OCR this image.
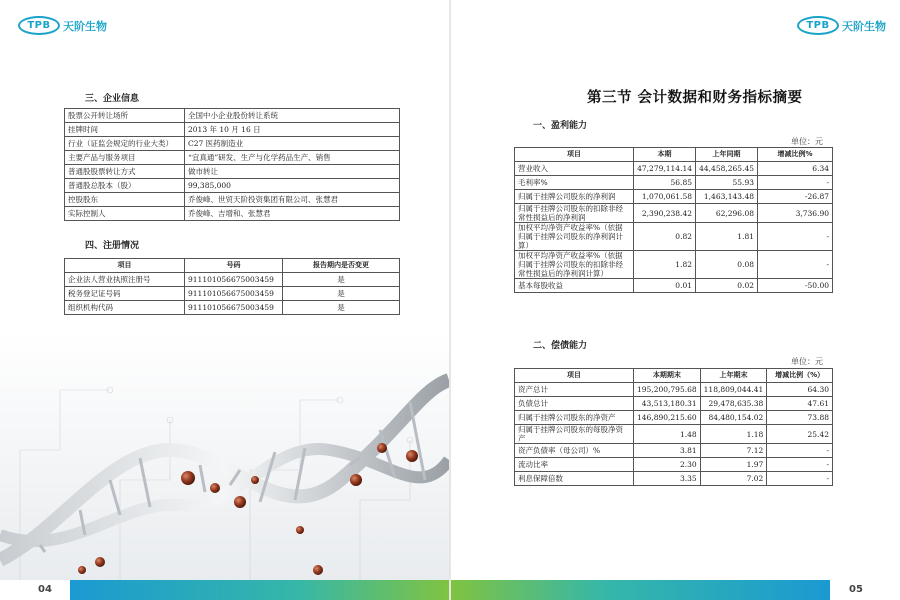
TPB	天阶生物
三、企业信息
股票公开转让场所	全国中小企业股份转让系统
挂牌时间	2013 年 10 月 16 日
行业（证监会规定的行业大类）	C27 医药制造业
主要产品与服务项目	“宜真通”研发、生产与化学药品生产、销售
普通股股票转让方式	做市转让
普通股总股本（股）	99,385,000
控股股东	乔俊峰、世贸天阶投资集团有限公司、张慧君
实际控制人	乔俊峰、吉增和、张慧君
四、注册情况
项目	号码	报告期内是否变更
企业法人营业执照注册号	911101056675003459	是
税务登记证号码	911101056675003459	是
组织机构代码	911101056675003459	是
04
TPB	天阶生物
第三节 会计数据和财务指标摘要
一、盈利能力
单位：元
项目	本期	上年同期	增减比例%
营业收入	47,279,114.14	44,458,265.45	6.34
毛利率%	56.85	55.93	-
归属于挂牌公司股东的净利润	1,070,061.58	1,463,143.48	-26.87
归属于挂牌公司股东的扣除非经常性损益后的净利润	2,390,238.42	62,296.08	3,736.90
加权平均净资产收益率%（依据归属于挂牌公司股东的净利润计算）	0.82	1.81	-
加权平均净资产收益率%（依据归属于挂牌公司股东的扣除非经常性损益后的净利润计算）	1.82	0.08	-
基本每股收益	0.01	0.02	-50.00
二、偿债能力
单位：元
项目	本期期末	上年期末	增减比例（%）
资产总计	195,200,795.68	118,809,044.41	64.30
负债总计	43,513,180.31	29,478,635.38	47.61
归属于挂牌公司股东的净资产	146,890,215.60	84,480,154.02	73.88
归属于挂牌公司股东的每股净资产	1.48	1.18	25.42
资产负债率（母公司）%	3.81	7.12	-
流动比率	2.30	1.97	-
利息保障倍数	3.35	7.02	-
05
